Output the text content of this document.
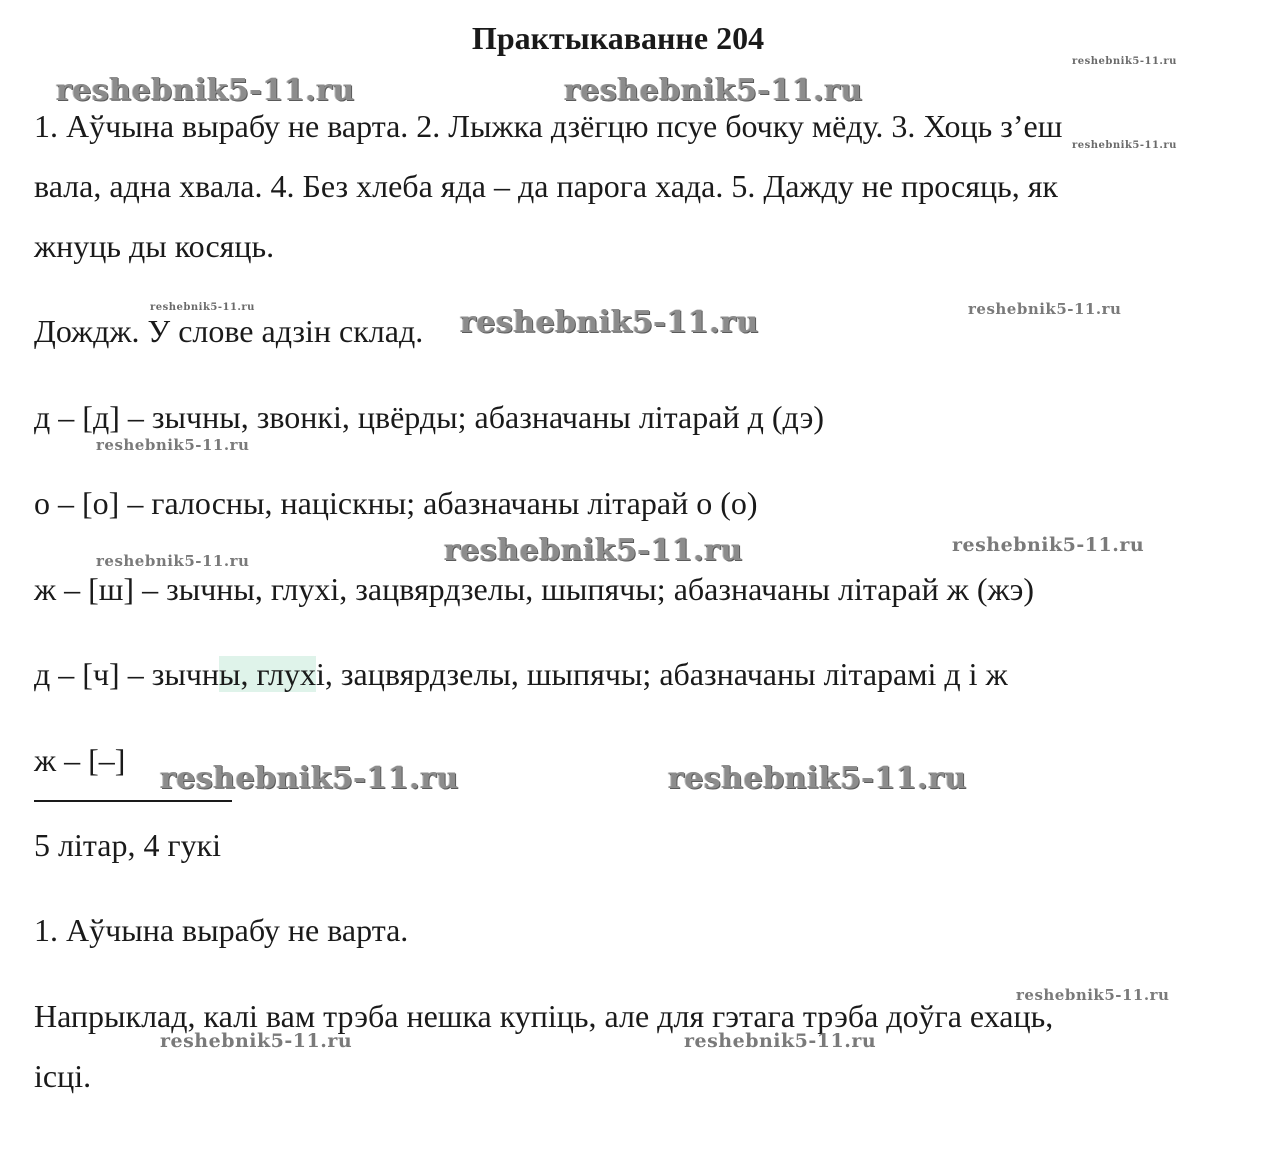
Практыкаванне 204
1. Аўчына вырабу не варта. 2. Лыжка дзёгцю псуе бочку мёду. 3. Хоць з’еш
вала, адна хвала. 4. Без хлеба яда – да парога хада. 5. Дажду не просяць, як
жнуць ды косяць.
Дождж. У слове адзін склад.
д – [д] – зычны, звонкі, цвёрды; абазначаны літарай д (дэ)
о – [о] – галосны, націскны; абазначаны літарай о (о)
ж – [ш] – зычны, глухі, зацвярдзелы, шыпячы; абазначаны літарай ж (жэ)
д – [ч] – зычны, глухі, зацвярдзелы, шыпячы; абазначаны літарамі д і ж
ж – [–]
5 літар, 4 гукі
1. Аўчына вырабу не варта.
Напрыклад, калі вам трэба нешка купіць, але для гэтага трэба доўга ехаць,
ісці.
reshebnik5-11.ru	reshebnik5-11.ru
reshebnik5-11.ru
reshebnik5-11.ru
reshebnik5-11.ru	reshebnik5-11.ru	reshebnik5-11.ru
reshebnik5-11.ru
reshebnik5-11.ru	reshebnik5-11.ru	reshebnik5-11.ru
reshebnik5-11.ru	reshebnik5-11.ru
reshebnik5-11.ru
reshebnik5-11.ru	reshebnik5-11.ru
